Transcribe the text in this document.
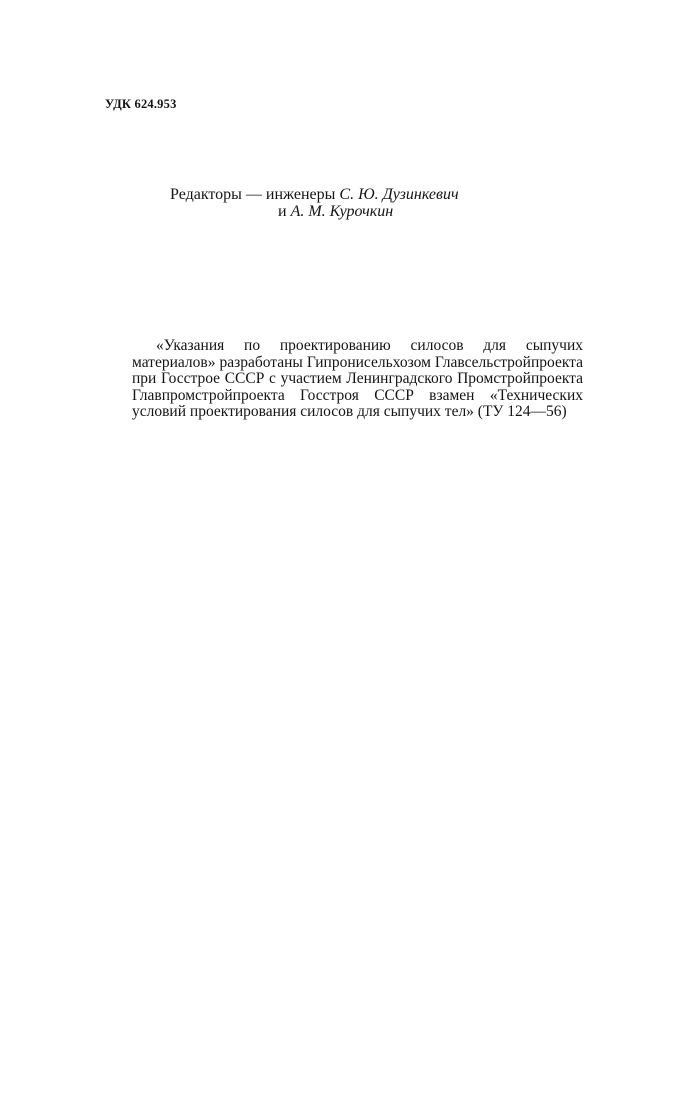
УДК 624.953
Редакторы — инженеры С. Ю. Дузинкевич
и А. М. Курочкин
«Указания по проектированию силосов для сыпучих материалов» разработаны Гипронисельхозом Главсельстройпроекта при Госстрое СССР с участием Ленинградского Промстройпроекта Главпромстройпроекта Госстроя СССР взамен «Технических условий проектирования силосов для сыпучих тел» (ТУ 124—56)
